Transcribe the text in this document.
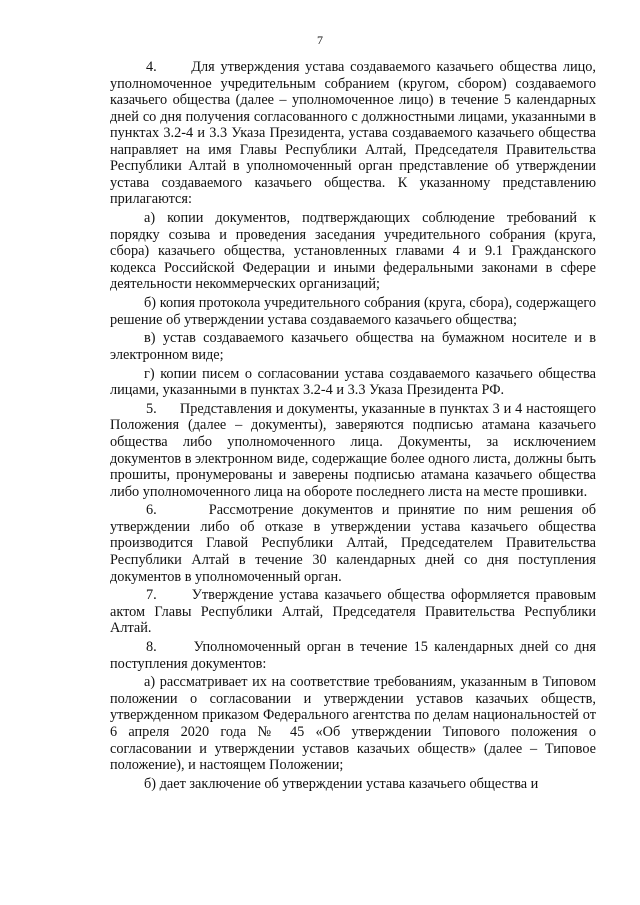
7

4.      Для утверждения устава создаваемого казачьего общества лицо, уполномоченное учредительным собранием (кругом, сбором) создаваемого казачьего общества (далее – уполномоченное лицо) в течение 5 календарных дней со дня получения согласованного с должностными лицами, указанными в пунктах 3.2-4 и 3.3 Указа Президента, устава создаваемого казачьего общества направляет на имя Главы Республики Алтай, Председателя Правительства Республики Алтай в уполномоченный орган представление об утверждении устава создаваемого казачьего общества. К указанному представлению прилагаются:

а) копии документов, подтверждающих соблюдение требований к порядку созыва и проведения заседания учредительного собрания (круга, сбора) казачьего общества, установленных главами 4 и 9.1 Гражданского кодекса Российской Федерации и иными федеральными законами в сфере деятельности некоммерческих организаций;

б) копия протокола учредительного собрания (круга, сбора), содержащего решение об утверждении устава создаваемого казачьего общества;

в) устав создаваемого казачьего общества на бумажном носителе и в электронном виде;

г) копии писем о согласовании устава создаваемого казачьего общества лицами, указанными в пунктах 3.2-4 и 3.3 Указа Президента РФ.

5.      Представления и документы, указанные в пунктах 3 и 4 настоящего Положения (далее – документы), заверяются подписью атамана казачьего общества либо уполномоченного лица. Документы, за исключением документов в электронном виде, содержащие более одного листа, должны быть прошиты, пронумерованы и заверены подписью атамана казачьего общества либо уполномоченного лица на обороте последнего листа на месте прошивки.

6.      Рассмотрение документов и принятие по ним решения об утверждении либо об отказе в утверждении устава казачьего общества производится Главой Республики Алтай, Председателем Правительства Республики Алтай в течение 30 календарных дней со дня поступления документов в уполномоченный орган.

7.      Утверждение устава казачьего общества оформляется правовым актом Главы Республики Алтай, Председателя Правительства Республики Алтай.

8.      Уполномоченный орган в течение 15 календарных дней со дня поступления документов:

а) рассматривает их на соответствие требованиям, указанным в Типовом положении о согласовании и утверждении уставов казачьих обществ, утвержденном приказом Федерального агентства по делам национальностей от 6 апреля 2020 года № 45 «Об утверждении Типового положения о согласовании и утверждении уставов казачьих обществ» (далее – Типовое положение), и настоящем Положении;

б) дает заключение об утверждении устава казачьего общества и
